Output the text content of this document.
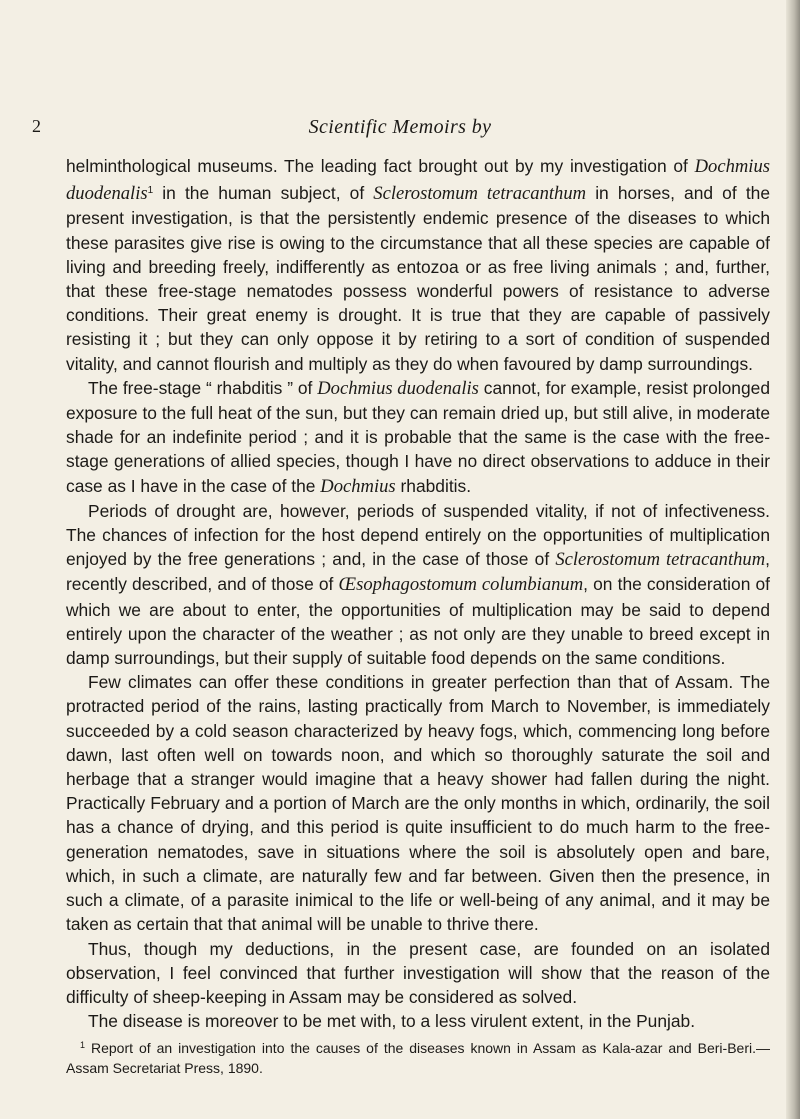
2	Scientific Memoirs by

helminthological museums. The leading fact brought out by my investigation of Dochmius duodenalis$^1$ in the human subject, of Sclerostomum tetracanthum in horses, and of the present investigation, is that the persistently endemic presence of the diseases to which these parasites give rise is owing to the circumstance that all these species are capable of living and breeding freely, indifferently as entozoa or as free living animals ; and, further, that these free-stage nematodes possess wonderful powers of resistance to adverse conditions. Their great enemy is drought. It is true that they are capable of passively resisting it ; but they can only oppose it by retiring to a sort of condition of suspended vitality, and cannot flourish and multiply as they do when favoured by damp surroundings.

The free-stage “ rhabditis ” of Dochmius duodenalis cannot, for example, resist prolonged exposure to the full heat of the sun, but they can remain dried up, but still alive, in moderate shade for an indefinite period ; and it is probable that the same is the case with the free-stage generations of allied species, though I have no direct observations to adduce in their case as I have in the case of the Dochmius rhabditis.

Periods of drought are, however, periods of suspended vitality, if not of infectiveness. The chances of infection for the host depend entirely on the opportunities of multiplication enjoyed by the free generations ; and, in the case of those of Sclerostomum tetracanthum, recently described, and of those of Œsophagostomum columbianum, on the consideration of which we are about to enter, the opportunities of multiplication may be said to depend entirely upon the character of the weather ; as not only are they unable to breed except in damp surroundings, but their supply of suitable food depends on the same conditions.

Few climates can offer these conditions in greater perfection than that of Assam. The protracted period of the rains, lasting practically from March to November, is immediately succeeded by a cold season characterized by heavy fogs, which, commencing long before dawn, last often well on towards noon, and which so thoroughly saturate the soil and herbage that a stranger would imagine that a heavy shower had fallen during the night. Practically February and a portion of March are the only months in which, ordinarily, the soil has a chance of drying, and this period is quite insufficient to do much harm to the free-generation nematodes, save in situations where the soil is absolutely open and bare, which, in such a climate, are naturally few and far between. Given then the presence, in such a climate, of a parasite inimical to the life or well-being of any animal, and it may be taken as certain that that animal will be unable to thrive there.

Thus, though my deductions, in the present case, are founded on an isolated observation, I feel convinced that further investigation will show that the reason of the difficulty of sheep-keeping in Assam may be considered as solved.

The disease is moreover to be met with, to a less virulent extent, in the Punjab.

$^1$ Report of an investigation into the causes of the diseases known in Assam as Kala-azar and Beri-Beri.—Assam Secretariat Press, 1890.
